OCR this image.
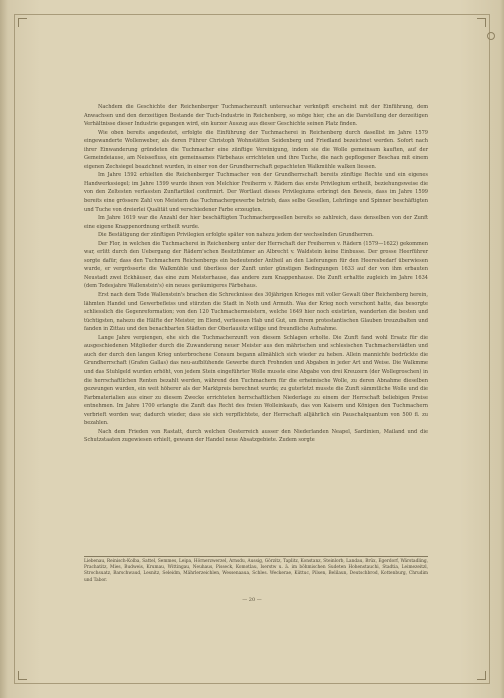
Nachdem die Geschichte der Reichenberger Tuchmacherzunft untersuchar verknüpft erscheint mit der Einführung, dem Anwachsen und den derzeitigen Bestande der Tuch-Industrie in Reichenberg, so möge hier, che an die Darstellung der derzeitigen Verhältnisse dieser Industrie gegangen wird, ein kurzer Auszug aus dieser Geschichte seinen Platz finden.

Wie oben bereits angedeutet, erfolgte die Einführung der Tuchmacherei in Reichenberg durch dasellist im Jahre 1579 eingewanderte Wollenweber, als deren Führer Christoph Wohnstätten Seidenberg und Friedland bezeichnet werden. Sofort nach ihrer Einwanderung gründeten die Tuchmacher eine zünftige Vereinigung, indem sie die Wolle gemeinsam kauften, auf der Gemeindeiause, am Neissefluss, ein gemeinsames Färbehaus errichteten und ihre Tuche, die nach gepflogener Beschau mit einem eigenen Zechsiegel beazichnet wurden, in einer von der Grundherrschaft gepachteten Walkmühle walken liessen.

Im Jahre 1592 erhielten die Reichenberger Tuchmacher von der Grundherrschaft bereits zünftige Rechte und ein eigenes Handwerkssiegel; im Jahre 1599 wurde ihnen von Melchior Freiherrn v. Rädern das erste Privilegium ertheilt, beziehungsweise die von den Zeltesten verfassten Zunftartikel confirmirt. Der Wortlaut dieses Privilegiums erbringt den Beweis, dass im Jahre 1599 bereits eine grössere Zahl von Meistern das Tuchmachergewerbe betrieb, dass selbe Gesellen, Lehrlinge und Spinner beschäftigten und Tuche von dreierlei Qualität und verschiedener Farbe erzeugten.

Im Jahre 1619 war die Anzahl der hier beschäftigten Tuchmachergesellen bereits so zahlreich, dass denselben von der Zunft eine eigene Knappenordnung ertheilt wurde.

Die Bestätigung der zünftigen Privilegien erfolgte später von nahezu jedem der wechselnden Grundherren.

Der Flor, in welchen die Tuchmacherei in Reichenberg unter der Herrschaft der Freiherren v. Rädern (1579—1622) gekommen war, erlitt durch den Uebergang der Rädern'schen Besitzthümer an Albrecht v. Waldstein keine Einbusse. Der grosse Heerführer sorgte dafür, dass den Tuchmachern Reichenbergs ein bedeutender Antheil an den Lieferungen für den Heeresbedarf überwiesen wurde, er vergrösserte die Walkmühle und überliess der Zunft unter günstigen Bedingungen 1633 auf der von ihm erbauten Neustadt zwei Eckhäuser, das eine zum Meisterhause, das andere zum Knappenhause. Die Zunft erhaltte zugleich im Jahre 1634 (dem Todesjahre Wallenstein's) ein neues geräumigeres Färbehaus.

Erst nach dem Tode Wallenstein's brachen die Schrecknisse des 30jährigen Krieges mit voller Gewalt über Reichenberg herein, lähmten Handel und Gewerbefleiss und stürzten die Stadt in Noth und Armuth. Was der Krieg noch verschont hatte, das besorgte schliesslich die Gegenreformation; von den 120 Tuchmachermeistern, welche 1649 hier noch existirten, wanderten die besten und tüchtigsten, nahezu die Hälfte der Meister, im Elend, verliessen Hab und Gut, um ihrem protestantischen Glauben treuzubalten und fanden in Zittau und den benachbarten Städten der Oberlausitz willige und freundliche Aufnahme.

Lange Jahre vergiengen, ehe sich die Tuchmacherzunft von diesem Schlagen erholte. Die Zunft fand wohl Ersatz für die ausgeschiedenen Mitglieder durch die Zuwanderung neuer Meister aus den mährischen und schlesischen Tuchmacherstädten und auch der durch den langen Krieg unterbrochene Consum begann allmählich sich wieder zu heben. Allein mannichfe bedrückte die Grundherrschaft (Grafen Gallas) das neu-aufblühende Gewerbe durch Frohnden und Abgaben in jeder Art und Weise. Die Walkmme und das Stuhlgeld wurden erhöht, von jedem Stein eingeführter Wolle musste eine Abgabe von drei Kreuzern (der Wollegroschen) in die herrschaftlichen Renten bezahlt werden, während den Tuchmachern für die erheimische Wolle, zu deren Abnahme dieselben gezwungen wurden, ein weit höherer als der Marktpreis berechnet wurde; zu guterletzt musste die Zunft sämmtliche Wolle und die Farbmaterialien aus einer zu diesem Zwecke errichteten herrschaftlichen Niederlage zu einem der Herrschaft beliebigen Preise entnehmen. Im Jahre 1700 erlangte die Zunft das Recht des freien Wolleinkaufs, das von Kaisern und Königen den Tuchmachern verbrieft worden war, dadurch wieder, dass sie sich verpflichtete, der Herrschaft alljährlich ein Pauschalquantum von 500 fl. zu bezahlen.

Nach dem Frieden von Rastatt, durch welchen Oesterreich ausser den Niederlanden Neapel, Sardinien, Mailand und die Schutzstaaten zugewiesen erhielt, gewann der Handel neue Absatzgebiete. Zudem sorgte

Liebenau, Reinisch-Kolba, Sattel, Semmes, Leipa, Hörnerzwerzel, Arnsdu, Aussig, Görzitz, Taplitz, Konstanz, Steinlorb, Landau, Brüx, Egerdorf, Wärstadling, Prachatitz, Mies, Budweis, Krumau, Wittingau, Neuhaus, Pisseck, Komotlau, Iserstw u. ä. im böhmischen Sudeten Hohenstauchi, Stadtia, Leimezeitzl, Strochsuatz, Barschwaud, Lesnitz, Seleidm, Mährlerzeichlen, Wessenaaua, Schles. Weckerae, Küttuc, Pilsen, Belilaun, Deutschbrod, Kottenburg, Chrudim und Tabor.
— 20 —
